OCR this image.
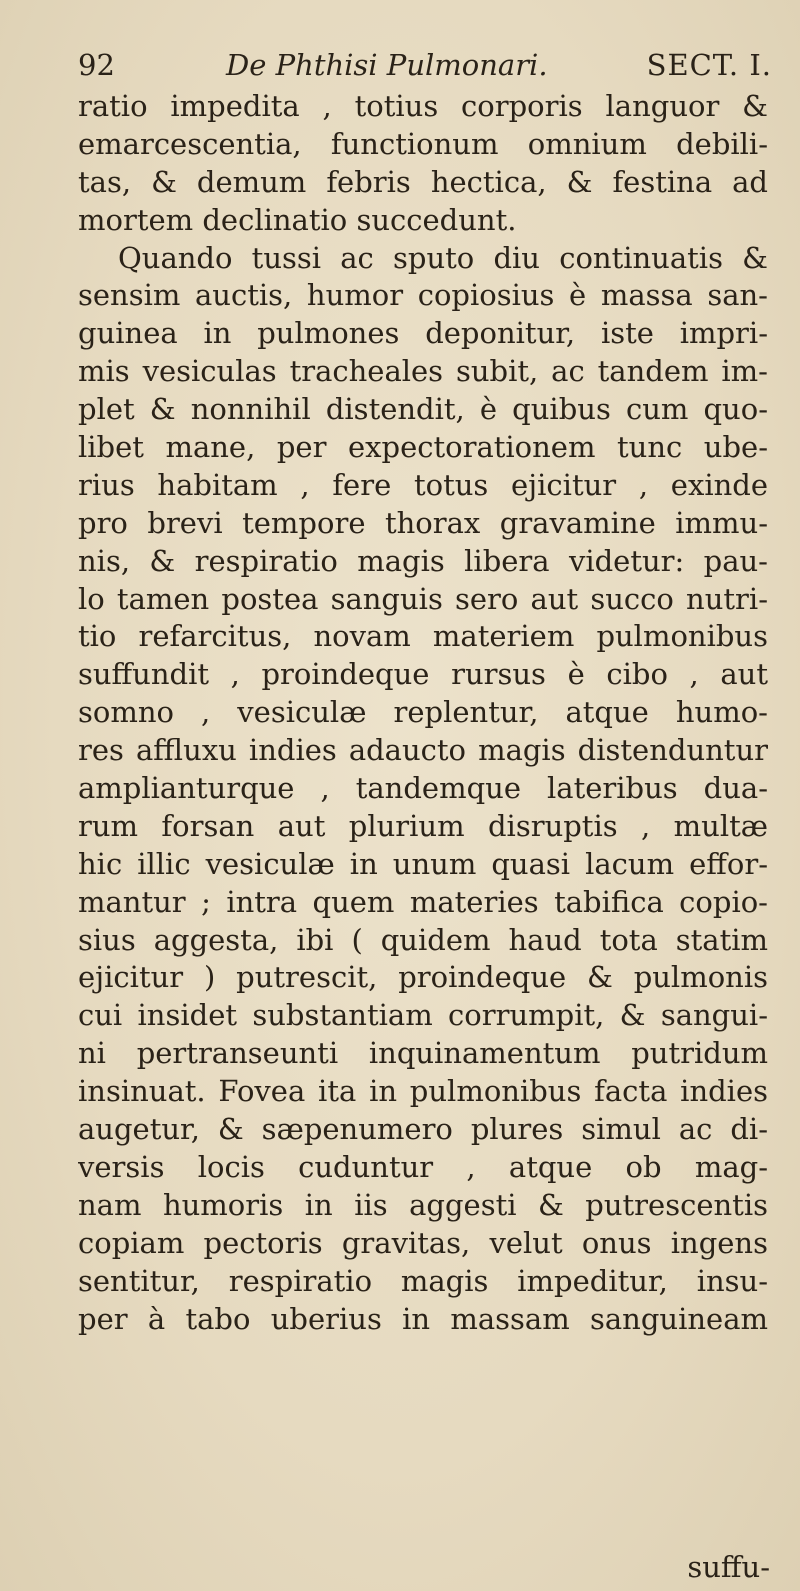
92	De Phthisi Pulmonari.	SECT. I.
ratio impedita , totius corporis languor &
emarcescentia, functionum omnium debili-
tas, & demum febris hectica, & festina ad
mortem declinatio succedunt.
Quando tussi ac sputo diu continuatis &
sensim auctis, humor copiosius è massa san-
guinea in pulmones deponitur, iste impri-
mis vesiculas tracheales subit, ac tandem im-
plet & nonnihil distendit, è quibus cum quo-
libet mane, per expectorationem tunc ube-
rius habitam , fere totus ejicitur , exinde
pro brevi tempore thorax gravamine immu-
nis, & respiratio magis libera videtur: pau-
lo tamen postea sanguis sero aut succo nutri-
tio refarcitus, novam materiem pulmonibus
suffundit , proindeque rursus è cibo , aut
somno , vesiculæ replentur, atque humo-
res affluxu indies adaucto magis distenduntur
amplianturque , tandemque lateribus dua-
rum forsan aut plurium disruptis , multæ
hic illic vesiculæ in unum quasi lacum effor-
mantur ; intra quem materies tabifica copio-
sius aggesta, ibi ( quidem haud tota statim
ejicitur ) putrescit, proindeque & pulmonis
cui insidet substantiam corrumpit, & sangui-
ni pertranseunti inquinamentum putridum
insinuat. Fovea ita in pulmonibus facta indies
augetur, & sæpenumero plures simul ac di-
versis locis cuduntur , atque ob mag-
nam humoris in iis aggesti & putrescentis
copiam pectoris gravitas, velut onus ingens
sentitur, respiratio magis impeditur, insu-
per à tabo uberius in massam sanguineam
suffu-
